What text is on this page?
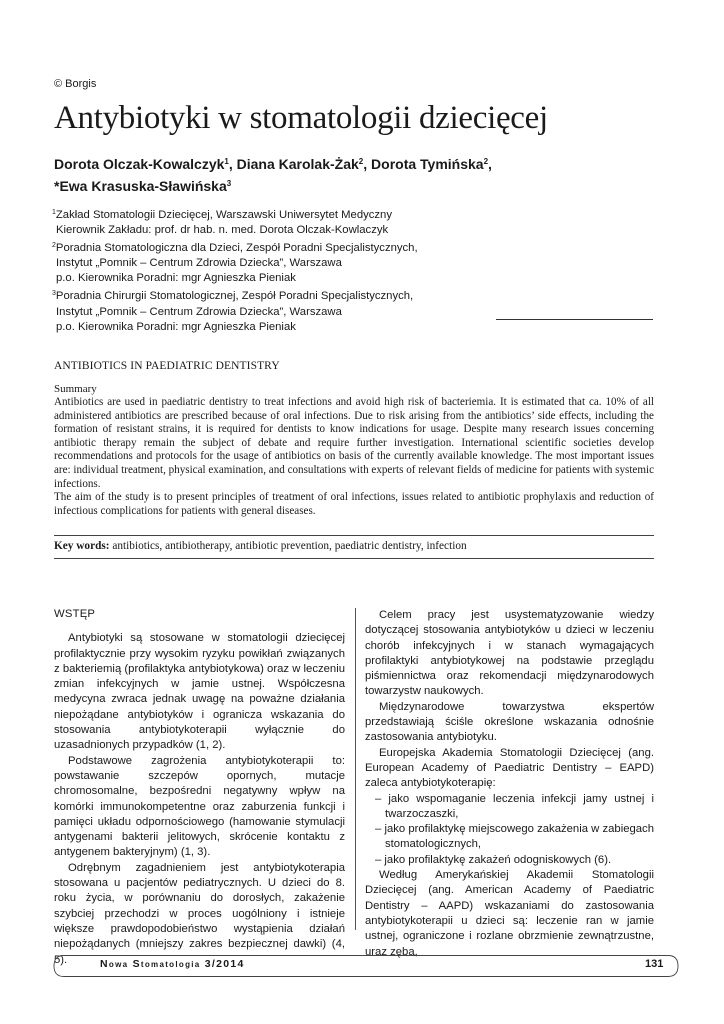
© Borgis
Antybiotyki w stomatologii dziecięcej
Dorota Olczak-Kowalczyk$^1$, Diana Karolak-Żak$^2$, Dorota Tymińska$^2$,
*Ewa Krasuska-Sławińska$^3$
$^1$Zakład Stomatologii Dziecięcej, Warszawski Uniwersytet Medyczny
Kierownik Zakładu: prof. dr hab. n. med. Dorota Olczak-Kowlaczyk
$^2$Poradnia Stomatologiczna dla Dzieci, Zespół Poradni Specjalistycznych,
Instytut „Pomnik – Centrum Zdrowia Dziecka”, Warszawa
p.o. Kierownika Poradni: mgr Agnieszka Pieniak
$^3$Poradnia Chirurgii Stomatologicznej, Zespół Poradni Specjalistycznych,
Instytut „Pomnik – Centrum Zdrowia Dziecka”, Warszawa
p.o. Kierownika Poradni: mgr Agnieszka Pieniak
ANTIBIOTICS IN PAEDIATRIC DENTISTRY
Summary

Antibiotics are used in paediatric dentistry to treat infections and avoid high risk of bacteriemia. It is estimated that ca. 10% of all administered antibiotics are prescribed because of oral infections. Due to risk arising from the antibiotics’ side effects, including the formation of resistant strains, it is required for dentists to know indications for usage. Despite many research issues concerning antibiotic therapy remain the subject of debate and require further investigation. International scientific societies develop recommendations and protocols for the usage of antibiotics on basis of the currently available knowledge. The most important issues are: individual treatment, physical examination, and consultations with experts of relevant fields of medicine for patients with systemic infections.

The aim of the study is to present principles of treatment of oral infections, issues related to antibiotic prophylaxis and reduction of infectious complications for patients with general diseases.

Key words: antibiotics, antibiotherapy, antibiotic prevention, paediatric dentistry, infection

WSTĘP

Antybiotyki są stosowane w stomatologii dziecięcej profilaktycznie przy wysokim ryzyku powikłań związanych z bakteriemią (profilaktyka antybiotykowa) oraz w leczeniu zmian infekcyjnych w jamie ustnej. Współczesna medycyna zwraca jednak uwagę na poważne działania niepożądane antybiotyków i ogranicza wskazania do stosowania antybiotykoterapii wyłącznie do uzasadnionych przypadków (1, 2).

Podstawowe zagrożenia antybiotykoterapii to: powstawanie szczepów opornych, mutacje chromosomalne, bezpośredni negatywny wpływ na komórki immunokompetentne oraz zaburzenia funkcji i pamięci układu odpornościowego (hamowanie stymulacji antygenami bakterii jelitowych, skrócenie kontaktu z antygenem bakteryjnym) (1, 3).

Odrębnym zagadnieniem jest antybiotykoterapia stosowana u pacjentów pediatrycznych. U dzieci do 8. roku życia, w porównaniu do dorosłych, zakażenie szybciej przechodzi w proces uogólniony i istnieje większe prawdopodobieństwo wystąpienia działań niepożądanych (mniejszy zakres bezpiecznej dawki) (4, 5).

Celem pracy jest usystematyzowanie wiedzy dotyczącej stosowania antybiotyków u dzieci w leczeniu chorób infekcyjnych i w stanach wymagających profilaktyki antybiotykowej na podstawie przeglądu piśmiennictwa oraz rekomendacji międzynarodowych towarzystw naukowych.

Międzynarodowe towarzystwa ekspertów przedstawiają ściśle określone wskazania odnośnie zastosowania antybiotyku.

Europejska Akademia Stomatologii Dziecięcej (ang. European Academy of Paediatric Dentistry – EAPD) zaleca antybiotykoterapię:

– jako wspomaganie leczenia infekcji jamy ustnej i twarzoczaszki,

– jako profilaktykę miejscowego zakażenia w zabiegach stomatologicznych,

– jako profilaktykę zakażeń odogniskowych (6).

Według Amerykańskiej Akademii Stomatologii Dziecięcej (ang. American Academy of Paediatric Dentistry – AAPD) wskazaniami do zastosowania antybiotykoterapii u dzieci są: leczenie ran w jamie ustnej, ograniczone i rozlane obrzmienie zewnątrzustne, uraz zęba,

Nowa Stomatologia 3/2014	131
